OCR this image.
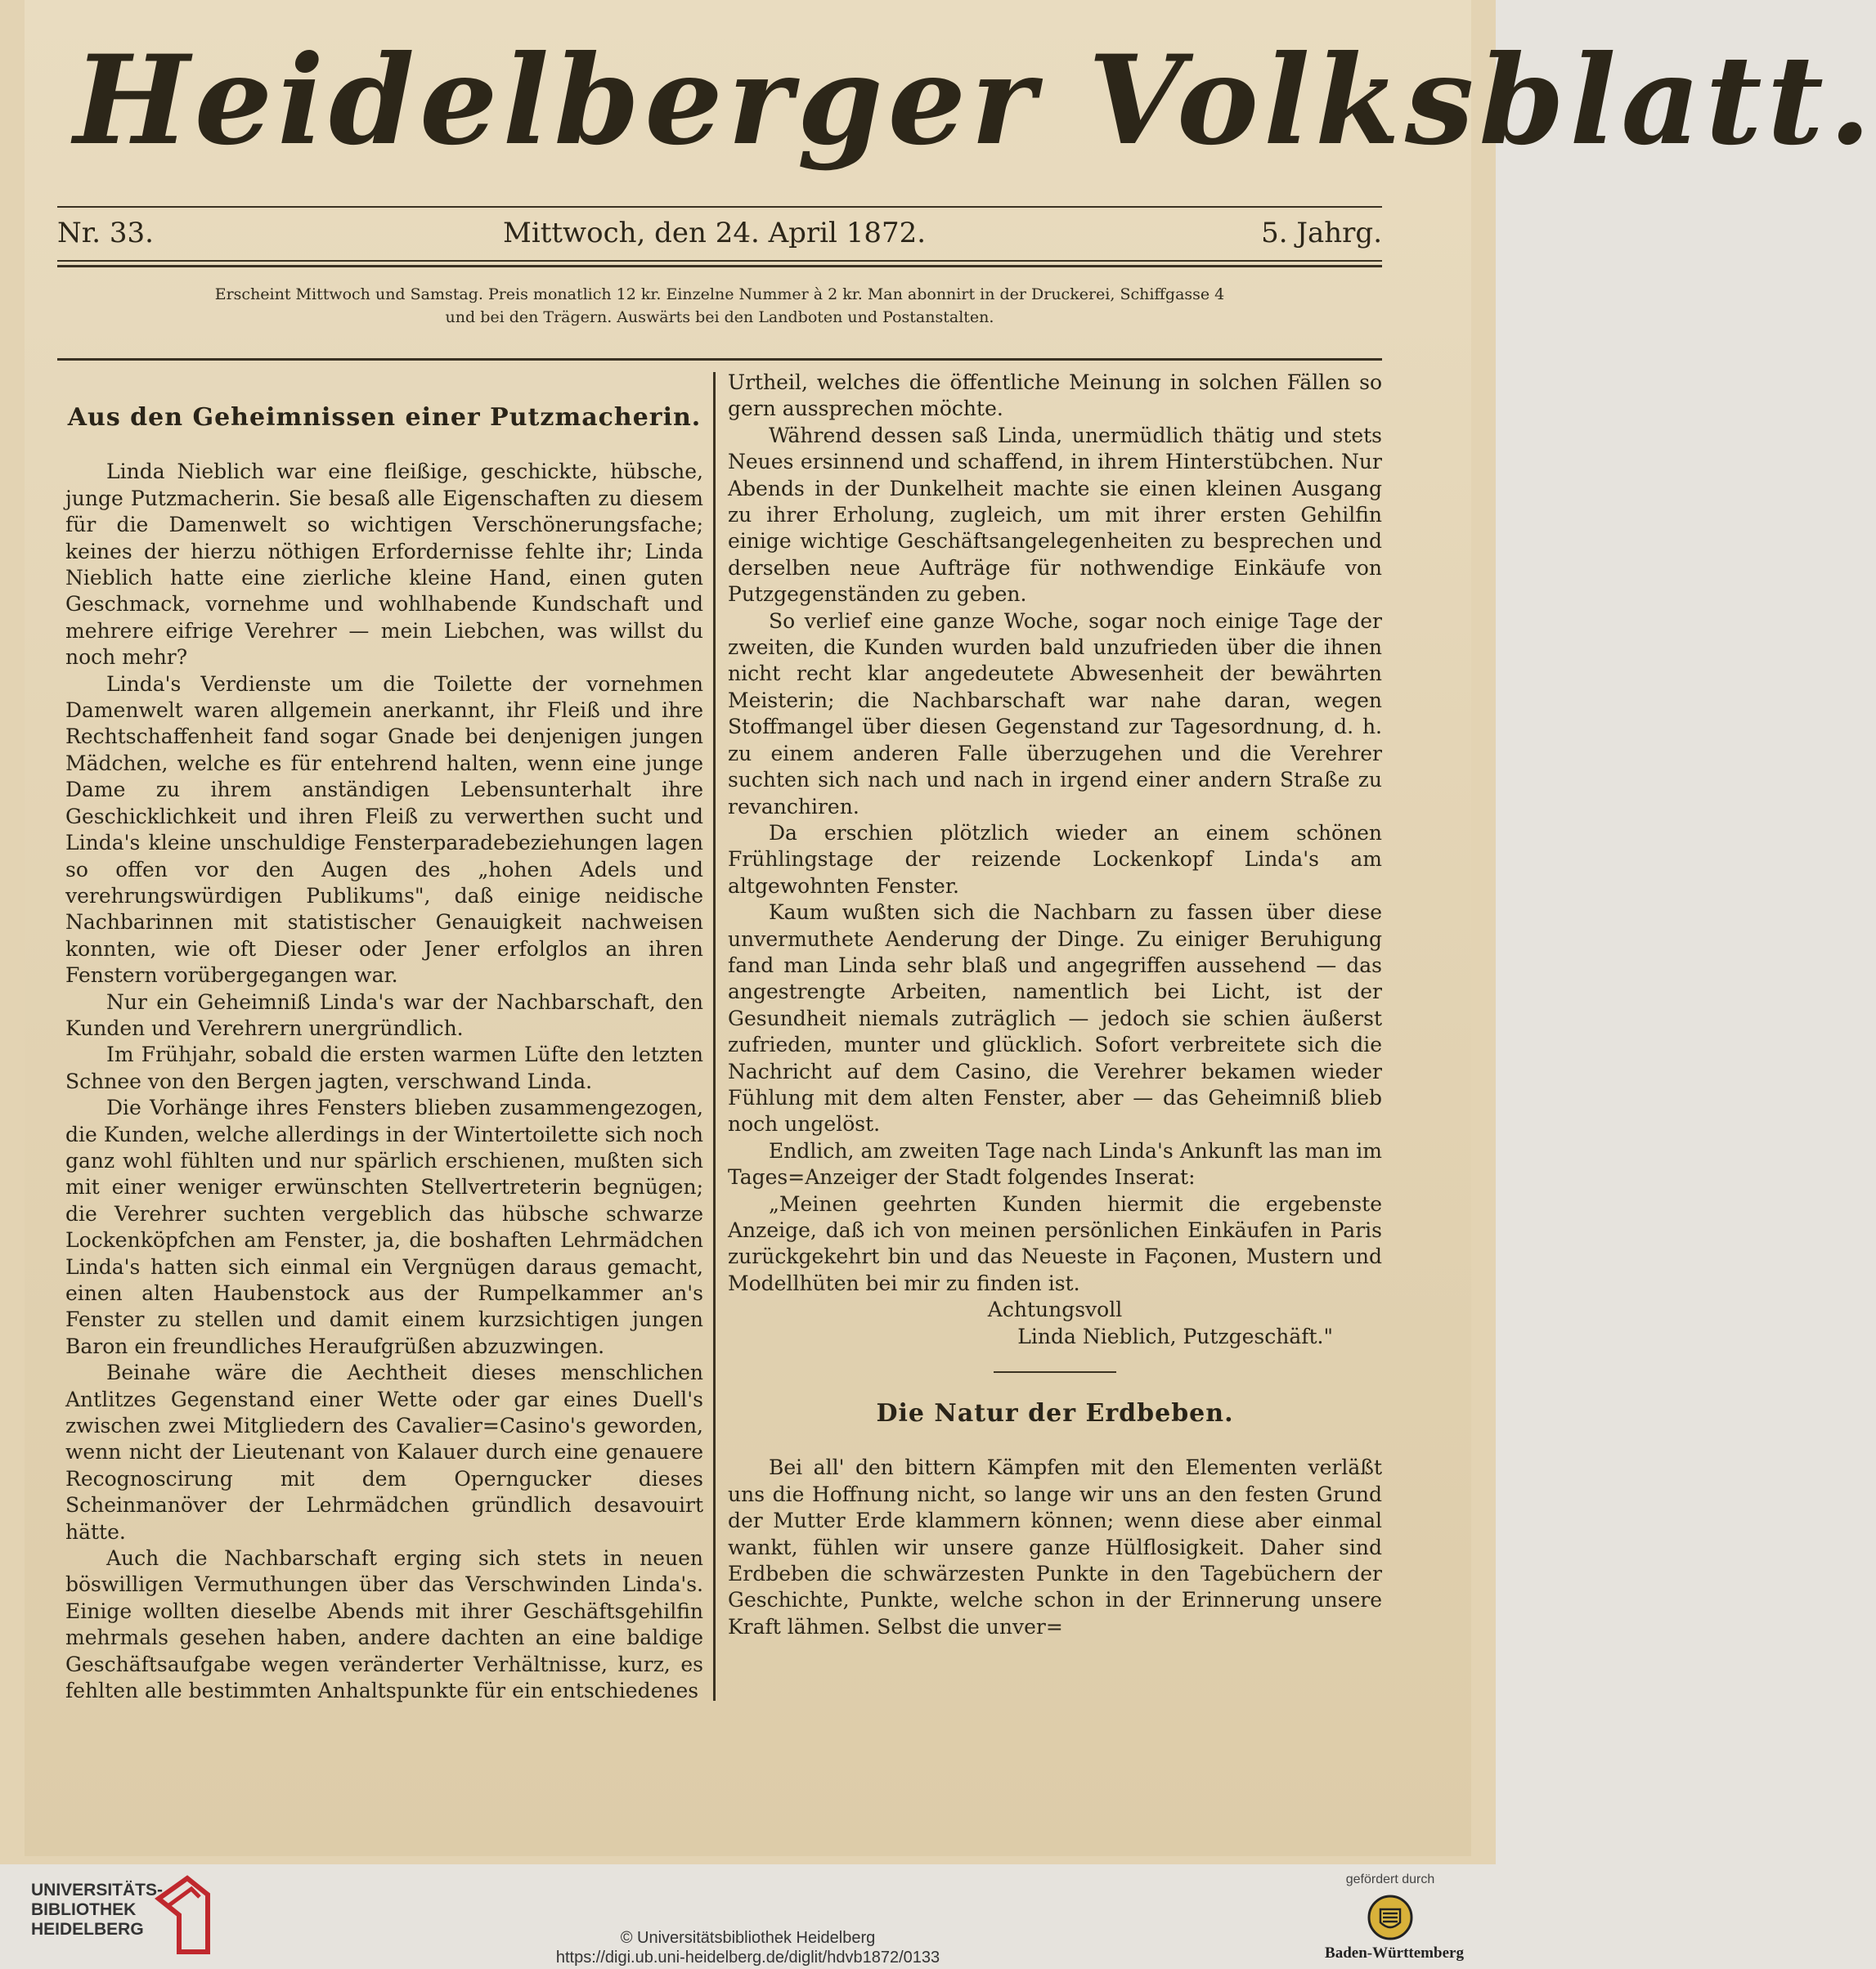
Heidelberger Volksblatt.
Nr. 33.	Mittwoch, den 24. April 1872.	5. Jahrg.
Erscheint Mittwoch und Samstag. Preis monatlich 12 kr. Einzelne Nummer à 2 kr. Man abonnirt in der Druckerei, Schiffgasse 4
und bei den Trägern. Auswärts bei den Landboten und Postanstalten.

Aus den Geheimnissen einer Putzmacherin.

Linda Nieblich war eine fleißige, geschickte, hübsche, junge Putzmacherin. Sie besaß alle Eigenschaften zu diesem für die Damenwelt so wichtigen Verschönerungsfache; keines der hierzu nöthigen Erfordernisse fehlte ihr; Linda Nieblich hatte eine zierliche kleine Hand, einen guten Geschmack, vornehme und wohlhabende Kundschaft und mehrere eifrige Verehrer — mein Liebchen, was willst du noch mehr?

Linda's Verdienste um die Toilette der vornehmen Damenwelt waren allgemein anerkannt, ihr Fleiß und ihre Rechtschaffenheit fand sogar Gnade bei denjenigen jungen Mädchen, welche es für entehrend halten, wenn eine junge Dame zu ihrem anständigen Lebensunterhalt ihre Geschicklichkeit und ihren Fleiß zu verwerthen sucht und Linda's kleine unschuldige Fensterparadebeziehungen lagen so offen vor den Augen des „hohen Adels und verehrungswürdigen Publikums", daß einige neidische Nachbarinnen mit statistischer Genauigkeit nachweisen konnten, wie oft Dieser oder Jener erfolglos an ihren Fenstern vorübergegangen war.

Nur ein Geheimniß Linda's war der Nachbarschaft, den Kunden und Verehrern unergründlich.

Im Frühjahr, sobald die ersten warmen Lüfte den letzten Schnee von den Bergen jagten, verschwand Linda.

Die Vorhänge ihres Fensters blieben zusammengezogen, die Kunden, welche allerdings in der Wintertoilette sich noch ganz wohl fühlten und nur spärlich erschienen, mußten sich mit einer weniger erwünschten Stellvertreterin begnügen; die Verehrer suchten vergeblich das hübsche schwarze Lockenköpfchen am Fenster, ja, die boshaften Lehrmädchen Linda's hatten sich einmal ein Vergnügen daraus gemacht, einen alten Haubenstock aus der Rumpelkammer an's Fenster zu stellen und damit einem kurzsichtigen jungen Baron ein freundliches Heraufgrüßen abzuzwingen.

Beinahe wäre die Aechtheit dieses menschlichen Antlitzes Gegenstand einer Wette oder gar eines Duell's zwischen zwei Mitgliedern des Cavalier=Casino's geworden, wenn nicht der Lieutenant von Kalauer durch eine genauere Recognoscirung mit dem Operngucker dieses Scheinmanöver der Lehrmädchen gründlich desavouirt hätte.

Auch die Nachbarschaft erging sich stets in neuen böswilligen Vermuthungen über das Verschwinden Linda's. Einige wollten dieselbe Abends mit ihrer Geschäftsgehilfin mehrmals gesehen haben, andere dachten an eine baldige Geschäftsaufgabe wegen veränderter Verhältnisse, kurz, es fehlten alle bestimmten Anhaltspunkte für ein entschiedenes

Urtheil, welches die öffentliche Meinung in solchen Fällen so gern aussprechen möchte.

Während dessen saß Linda, unermüdlich thätig und stets Neues ersinnend und schaffend, in ihrem Hinterstübchen. Nur Abends in der Dunkelheit machte sie einen kleinen Ausgang zu ihrer Erholung, zugleich, um mit ihrer ersten Gehilfin einige wichtige Geschäftsangelegenheiten zu besprechen und derselben neue Aufträge für nothwendige Einkäufe von Putzgegenständen zu geben.

So verlief eine ganze Woche, sogar noch einige Tage der zweiten, die Kunden wurden bald unzufrieden über die ihnen nicht recht klar angedeutete Abwesenheit der bewährten Meisterin; die Nachbarschaft war nahe daran, wegen Stoffmangel über diesen Gegenstand zur Tagesordnung, d. h. zu einem anderen Falle überzugehen und die Verehrer suchten sich nach und nach in irgend einer andern Straße zu revanchiren.

Da erschien plötzlich wieder an einem schönen Frühlingstage der reizende Lockenkopf Linda's am altgewohnten Fenster.

Kaum wußten sich die Nachbarn zu fassen über diese unvermuthete Aenderung der Dinge. Zu einiger Beruhigung fand man Linda sehr blaß und angegriffen aussehend — das angestrengte Arbeiten, namentlich bei Licht, ist der Gesundheit niemals zuträglich — jedoch sie schien äußerst zufrieden, munter und glücklich. Sofort verbreitete sich die Nachricht auf dem Casino, die Verehrer bekamen wieder Fühlung mit dem alten Fenster, aber — das Geheimniß blieb noch ungelöst.

Endlich, am zweiten Tage nach Linda's Ankunft las man im Tages=Anzeiger der Stadt folgendes Inserat:

„Meinen geehrten Kunden hiermit die ergebenste Anzeige, daß ich von meinen persönlichen Einkäufen in Paris zurückgekehrt bin und das Neueste in Façonen, Mustern und Modellhüten bei mir zu finden ist.

Achtungsvoll

Linda Nieblich, Putzgeschäft."

Die Natur der Erdbeben.

Bei all' den bittern Kämpfen mit den Elementen verläßt uns die Hoffnung nicht, so lange wir uns an den festen Grund der Mutter Erde klammern können; wenn diese aber einmal wankt, fühlen wir unsere ganze Hülflosigkeit. Daher sind Erdbeben die schwärzesten Punkte in den Tagebüchern der Geschichte, Punkte, welche schon in der Erinnerung unsere Kraft lähmen. Selbst die unver=

UNIVERSITÄTS-
BIBLIOTHEK
HEIDELBERG	© Universitätsbibliothek Heidelberg
https://digi.ub.uni-heidelberg.de/diglit/hdvb1872/0133
gefördert durch
Baden-Württemberg
